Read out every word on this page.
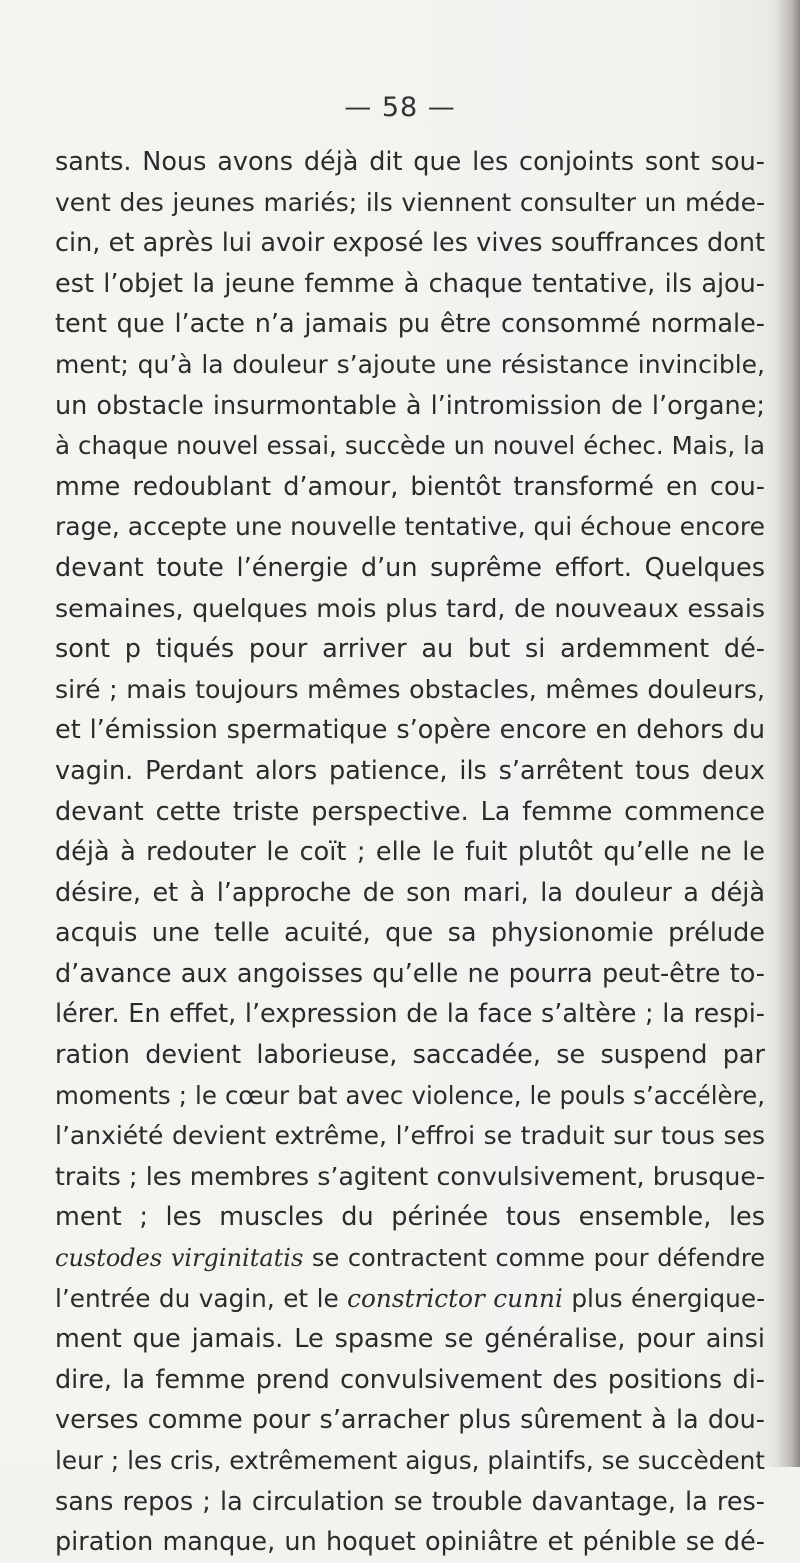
— 58 —
sants. Nous avons déjà dit que les conjoints sont sou-
vent des jeunes mariés; ils viennent consulter un méde-
cin, et après lui avoir exposé les vives souffrances dont
est l’objet la jeune femme à chaque tentative, ils ajou-
tent que l’acte n’a jamais pu être consommé normale-
ment; qu’à la douleur s’ajoute une résistance invincible,
un obstacle insurmontable à l’intromission de l’organe;
à chaque nouvel essai, succède un nouvel échec. Mais, la
mme redoublant d’amour, bientôt transformé en cou-
rage, accepte une nouvelle tentative, qui échoue encore
devant toute l’énergie d’un suprême effort. Quelques
semaines, quelques mois plus tard, de nouveaux essais
sont p tiqués pour arriver au but si ardemment dé-
siré ; mais toujours mêmes obstacles, mêmes douleurs,
et l’émission spermatique s’opère encore en dehors du
vagin. Perdant alors patience, ils s’arrêtent tous deux
devant cette triste perspective. La femme commence
déjà à redouter le coït ; elle le fuit plutôt qu’elle ne le
désire, et à l’approche de son mari, la douleur a déjà
acquis une telle acuité, que sa physionomie prélude
d’avance aux angoisses qu’elle ne pourra peut-être to-
lérer. En effet, l’expression de la face s’altère ; la respi-
ration devient laborieuse, saccadée, se suspend par
moments ; le cœur bat avec violence, le pouls s’accélère,
l’anxiété devient extrême, l’effroi se traduit sur tous ses
traits ; les membres s’agitent convulsivement, brusque-
ment ; les muscles du périnée tous ensemble, les
custodes virginitatis se contractent comme pour défendre
l’entrée du vagin, et le constrictor cunni plus énergique-
ment que jamais. Le spasme se généralise, pour ainsi
dire, la femme prend convulsivement des positions di-
verses comme pour s’arracher plus sûrement à la dou-
leur ; les cris, extrêmement aigus, plaintifs, se succèdent
sans repos ; la circulation se trouble davantage, la res-
piration manque, un hoquet opiniâtre et pénible se dé-
